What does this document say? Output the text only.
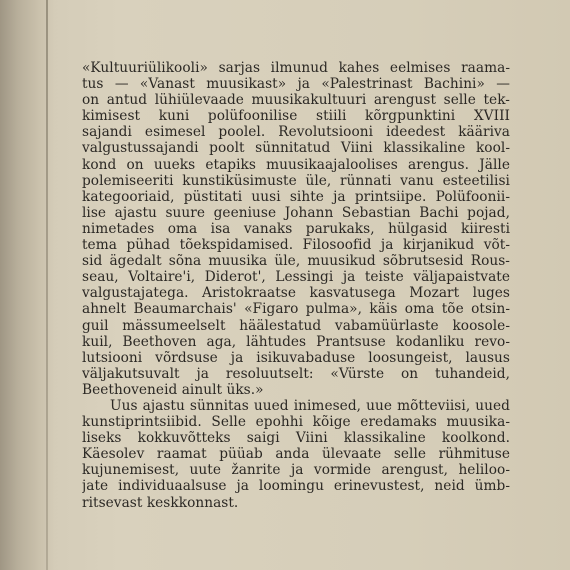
«Kultuuriülikooli» sarjas ilmunud kahes eelmises raama-
tus — «Vanast muusikast» ja «Palestrinast Bachini» —
on antud lühiülevaade muusikakultuuri arengust selle tek-
kimisest kuni polüfoonilise stiili kõrgpunktini XVIII
sajandi esimesel poolel. Revolutsiooni ideedest kääriva
valgustussajandi poolt sünnitatud Viini klassikaline kool-
kond on uueks etapiks muusikaajaloolises arengus. Jälle
polemiseeriti kunstiküsimuste üle, rünnati vanu esteetilisi
kategooriaid, püstitati uusi sihte ja printsiipe. Polüfoonii-
lise ajastu suure geeniuse Johann Sebastian Bachi pojad,
nimetades oma isa vanaks parukaks, hülgasid kiiresti
tema pühad tõekspidamised. Filosoofid ja kirjanikud võt-
sid ägedalt sõna muusika üle, muusikud sõbrutsesid Rous-
seau, Voltaire'i, Diderot', Lessingi ja teiste väljapaistvate
valgustajatega. Aristokraatse kasvatusega Mozart luges
ahnelt Beaumarchais' «Figaro pulma», käis oma tõe otsin-
guil mässumeelselt häälestatud vabamüürlaste koosole-
kuil, Beethoven aga, lähtudes Prantsuse kodanliku revo-
lutsiooni võrdsuse ja isikuvabaduse loosungeist, lausus
väljakutsuvalt ja resoluutselt: «Vürste on tuhandeid,
Beethoveneid ainult üks.»

Uus ajastu sünnitas uued inimesed, uue mõtteviisi, uued
kunstiprintsiibid. Selle epohhi kõige eredamaks muusika-
liseks kokkuvõtteks saigi Viini klassikaline koolkond.
Käesolev raamat püüab anda ülevaate selle rühmituse
kujunemisest, uute žanrite ja vormide arengust, heliloo-
jate individuaalsuse ja loomingu erinevustest, neid ümb-
ritsevast keskkonnast.
